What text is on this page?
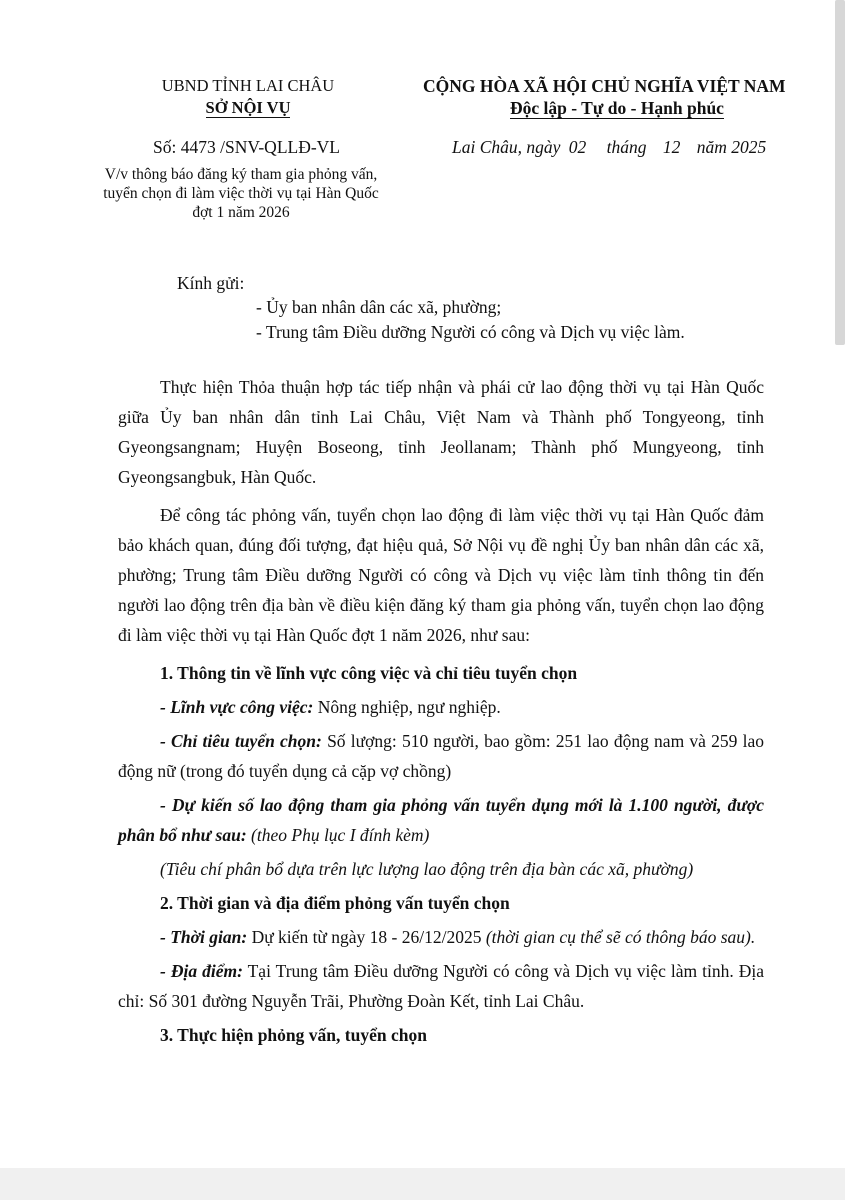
UBND TỈNH LAI CHÂU
SỞ NỘI VỤ
Số: 4473 /SNV-QLLĐ-VL
V/v thông báo đăng ký tham gia phỏng vấn,
tuyển chọn đi làm việc thời vụ tại Hàn Quốc
đợt 1 năm 2026
CỘNG HÒA XÃ HỘI CHỦ NGHĨA VIỆT NAM
Độc lập - Tự do - Hạnh phúc
Lai Châu, ngày 02 tháng 12 năm 2025
Kính gửi:
- Ủy ban nhân dân các xã, phường;
- Trung tâm Điều dưỡng Người có công và Dịch vụ việc làm.

Thực hiện Thỏa thuận hợp tác tiếp nhận và phái cử lao động thời vụ tại Hàn Quốc giữa Ủy ban nhân dân tỉnh Lai Châu, Việt Nam và Thành phố Tongyeong, tỉnh Gyeongsangnam; Huyện Boseong, tỉnh Jeollanam; Thành phố Mungyeong, tỉnh Gyeongsangbuk, Hàn Quốc.

Để công tác phỏng vấn, tuyển chọn lao động đi làm việc thời vụ tại Hàn Quốc đảm bảo khách quan, đúng đối tượng, đạt hiệu quả, Sở Nội vụ đề nghị Ủy ban nhân dân các xã, phường; Trung tâm Điều dưỡng Người có công và Dịch vụ việc làm tỉnh thông tin đến người lao động trên địa bàn về điều kiện đăng ký tham gia phỏng vấn, tuyển chọn lao động đi làm việc thời vụ tại Hàn Quốc đợt 1 năm 2026, như sau:

1. Thông tin về lĩnh vực công việc và chỉ tiêu tuyển chọn

- Lĩnh vực công việc: Nông nghiệp, ngư nghiệp.

- Chỉ tiêu tuyển chọn: Số lượng: 510 người, bao gồm: 251 lao động nam và 259 lao động nữ (trong đó tuyển dụng cả cặp vợ chồng)

- Dự kiến số lao động tham gia phỏng vấn tuyển dụng mới là 1.100 người, được phân bổ như sau: (theo Phụ lục I đính kèm)

(Tiêu chí phân bổ dựa trên lực lượng lao động trên địa bàn các xã, phường)

2. Thời gian và địa điểm phỏng vấn tuyển chọn

- Thời gian: Dự kiến từ ngày 18 - 26/12/2025 (thời gian cụ thể sẽ có thông báo sau).

- Địa điểm: Tại Trung tâm Điều dưỡng Người có công và Dịch vụ việc làm tỉnh. Địa chỉ: Số 301 đường Nguyễn Trãi, Phường Đoàn Kết, tỉnh Lai Châu.

3. Thực hiện phỏng vấn, tuyển chọn
